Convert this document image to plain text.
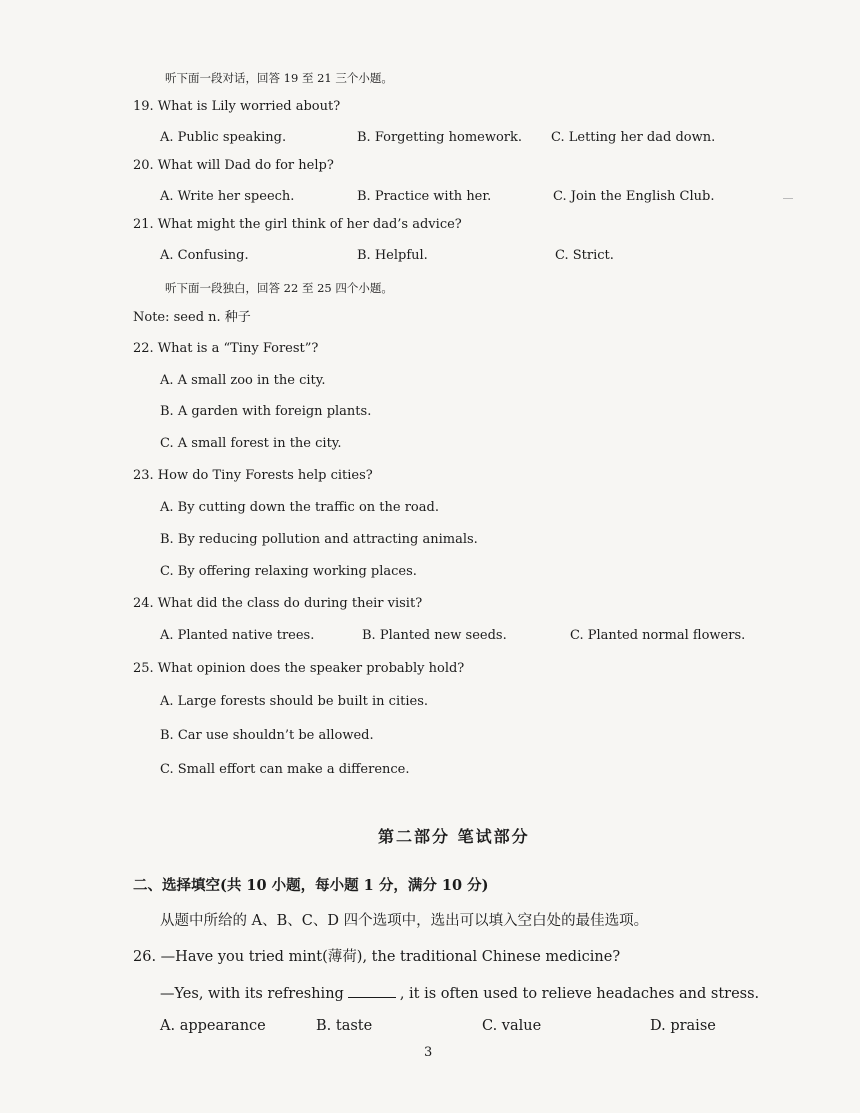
听下面一段对话，回答 19 至 21 三个小题。
19. What is Lily worried about?
A. Public speaking.	B. Forgetting homework. C. Letting her dad down.
20. What will Dad do for help?
A. Write her speech.	B. Practice with her.	C. Join the English Club.
21. What might the girl think of her dad’s advice?
A. Confusing.	B. Helpful.	C. Strict.
听下面一段独白，回答 22 至 25 四个小题。
Note: seed n. 种子
22. What is a “Tiny Forest”?
A. A small zoo in the city.
B. A garden with foreign plants.
C. A small forest in the city.
23. How do Tiny Forests help cities?
A. By cutting down the traffic on the road.
B. By reducing pollution and attracting animals.
C. By offering relaxing working places.
24. What did the class do during their visit?
A. Planted native trees.	B. Planted new seeds.	C. Planted normal flowers.
25. What opinion does the speaker probably hold?
A. Large forests should be built in cities.
B. Car use shouldn’t be allowed.
C. Small effort can make a difference.
第二部分 笔试部分
二、选择填空(共 10 小题，每小题 1 分，满分 10 分)
从题中所给的 A、B、C、D 四个选项中，选出可以填入空白处的最佳选项。
26. —Have you tried mint(薄荷), the traditional Chinese medicine?
—Yes, with its refreshing	, it is often used to relieve headaches and stress.
A. appearance	B. taste	C. value	D. praise
3
